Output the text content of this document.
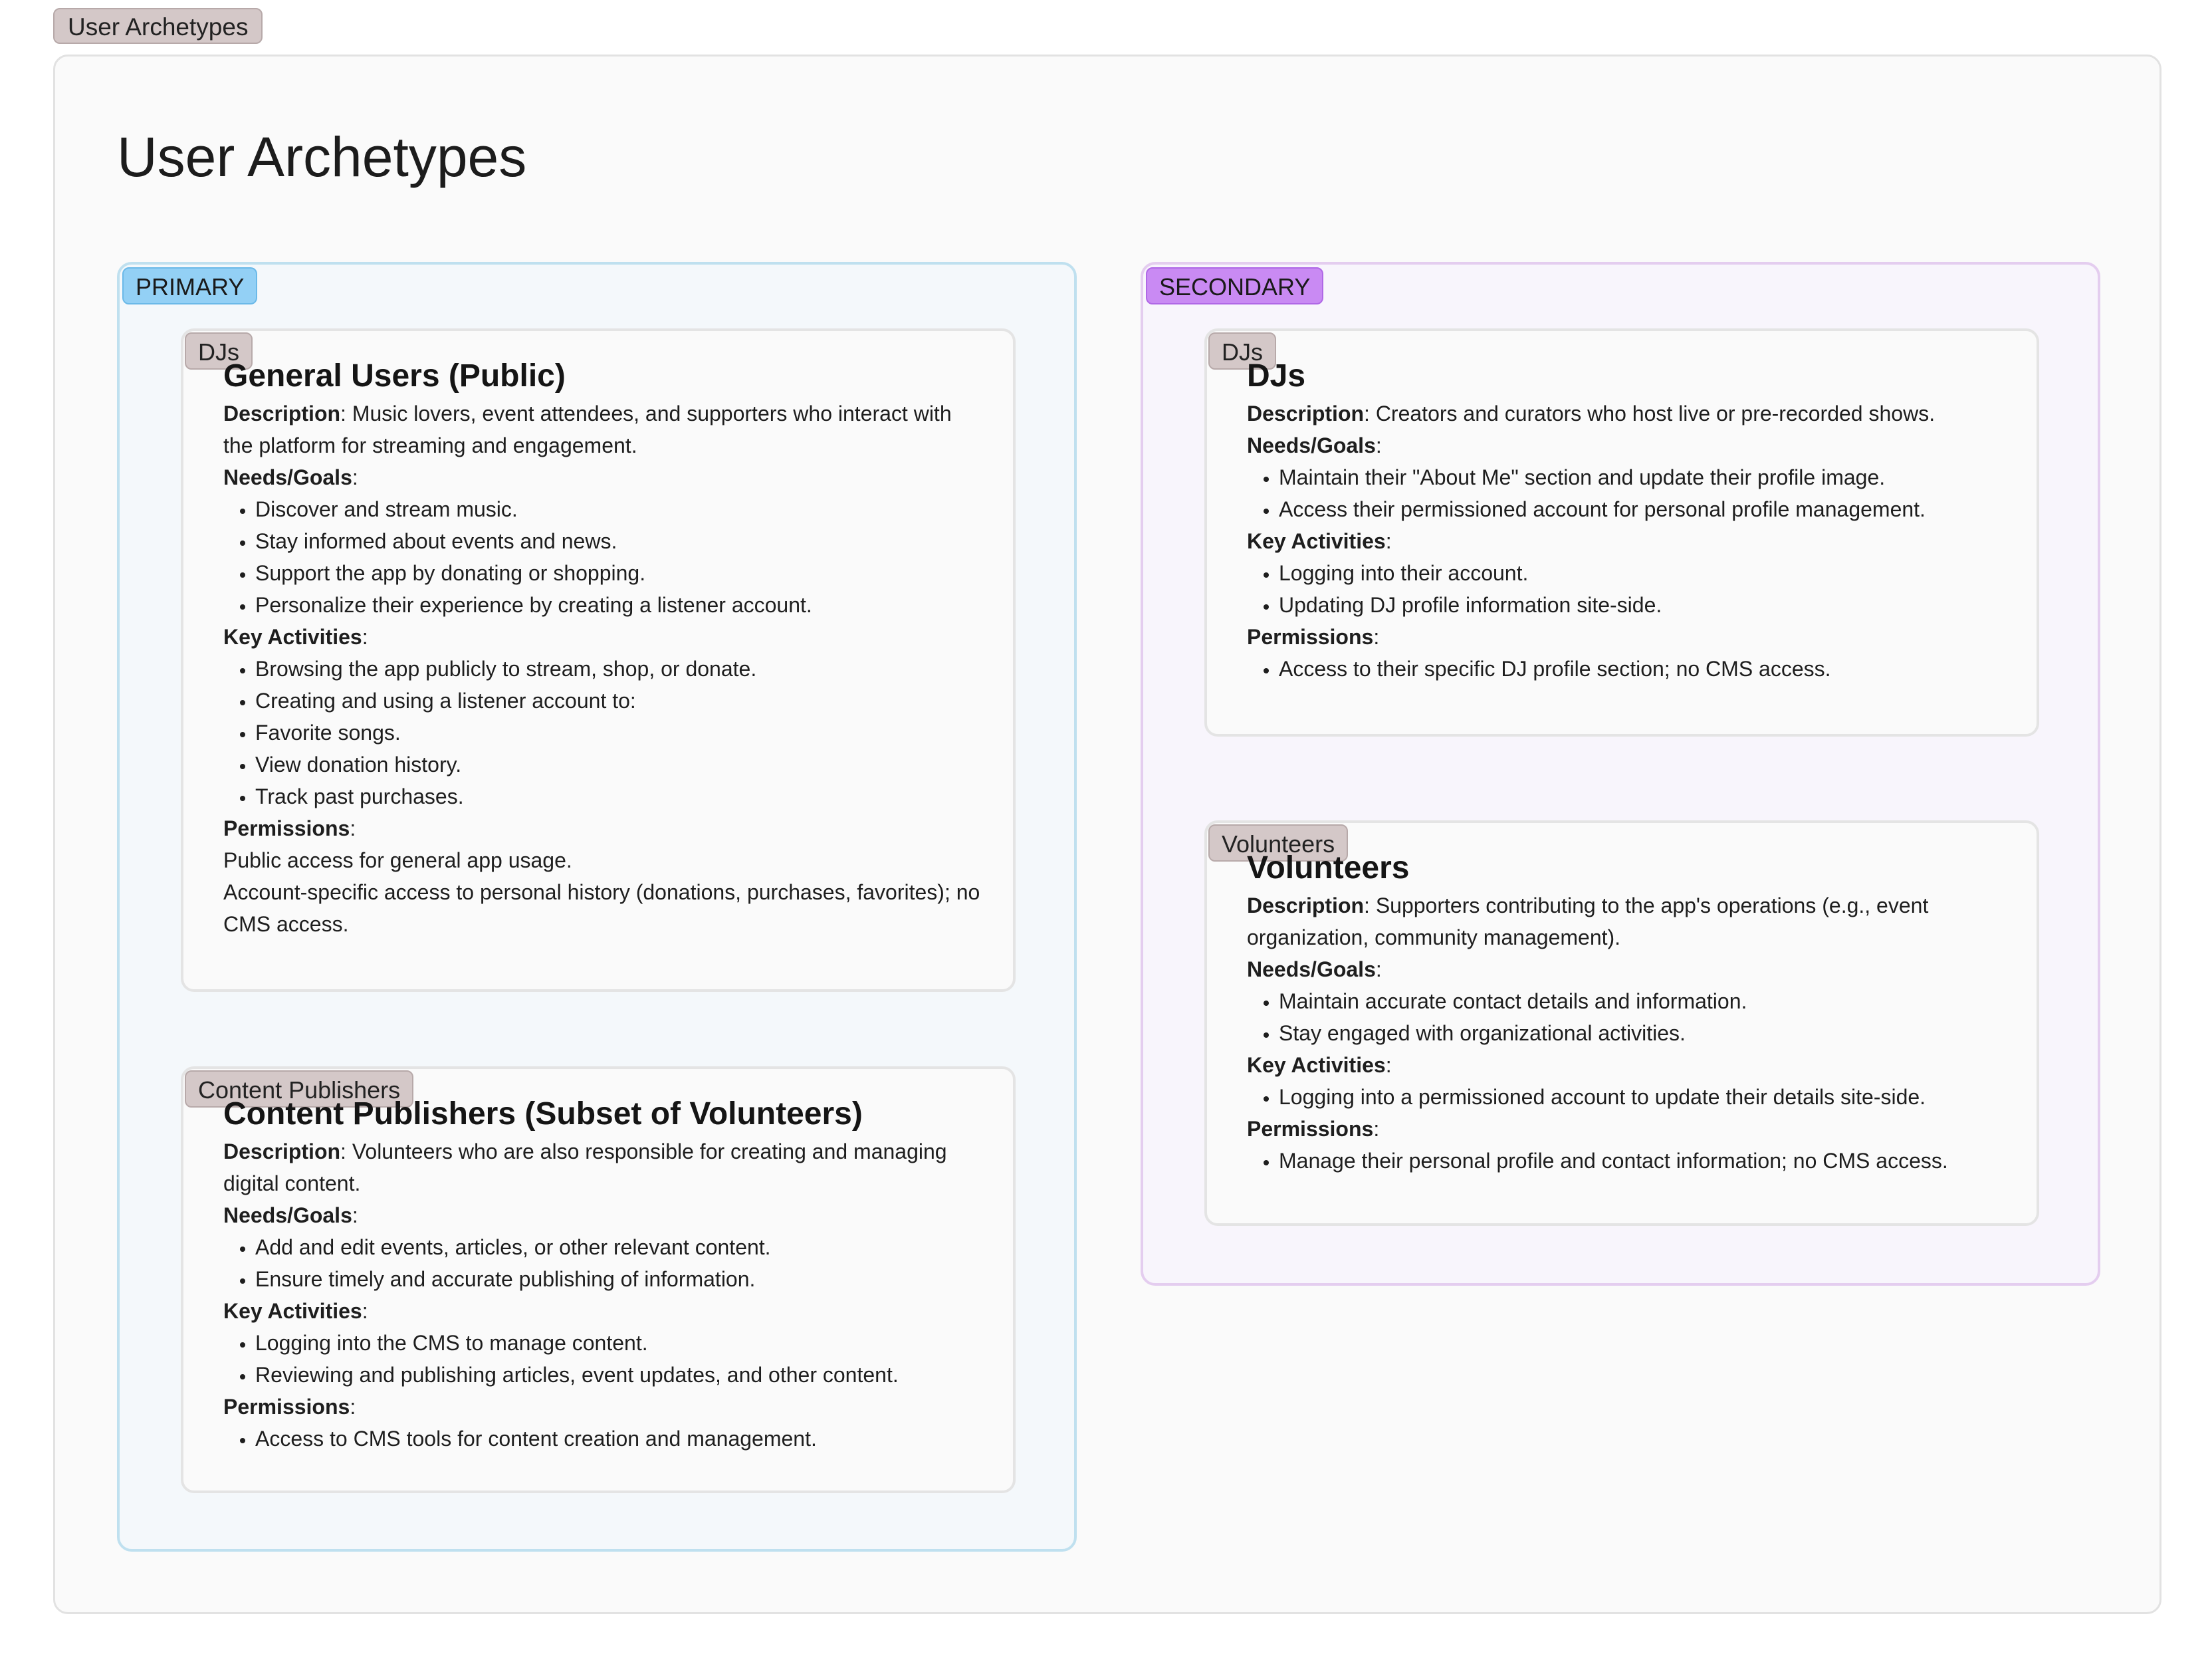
User Archetypes
User Archetypes
PRIMARY
DJs
General Users (Public)

Description: Music lovers, event attendees, and supporters who interact with the platform for streaming and engagement.

Needs/Goals:

• Discover and stream music.
• Stay informed about events and news.
• Support the app by donating or shopping.
• Personalize their experience by creating a listener account.

Key Activities:

• Browsing the app publicly to stream, shop, or donate.
• Creating and using a listener account to:
• Favorite songs.
• View donation history.
• Track past purchases.

Permissions:

Public access for general app usage.

Account-specific access to personal history (donations, purchases, favorites); no CMS access.

Content Publishers
Content Publishers (Subset of Volunteers)

Description: Volunteers who are also responsible for creating and managing digital content.

Needs/Goals:

• Add and edit events, articles, or other relevant content.
• Ensure timely and accurate publishing of information.

Key Activities:

• Logging into the CMS to manage content.
• Reviewing and publishing articles, event updates, and other content.

Permissions:

• Access to CMS tools for content creation and management.
SECONDARY
DJs
DJs

Description: Creators and curators who host live or pre-recorded shows.

Needs/Goals:

• Maintain their "About Me" section and update their profile image.
• Access their permissioned account for personal profile management.

Key Activities:

• Logging into their account.
• Updating DJ profile information site-side.

Permissions:

• Access to their specific DJ profile section; no CMS access.
Volunteers
Volunteers

Description: Supporters contributing to the app's operations (e.g., event organization, community management).

Needs/Goals:

• Maintain accurate contact details and information.
• Stay engaged with organizational activities.

Key Activities:

• Logging into a permissioned account to update their details site-side.

Permissions:

• Manage their personal profile and contact information; no CMS access.
